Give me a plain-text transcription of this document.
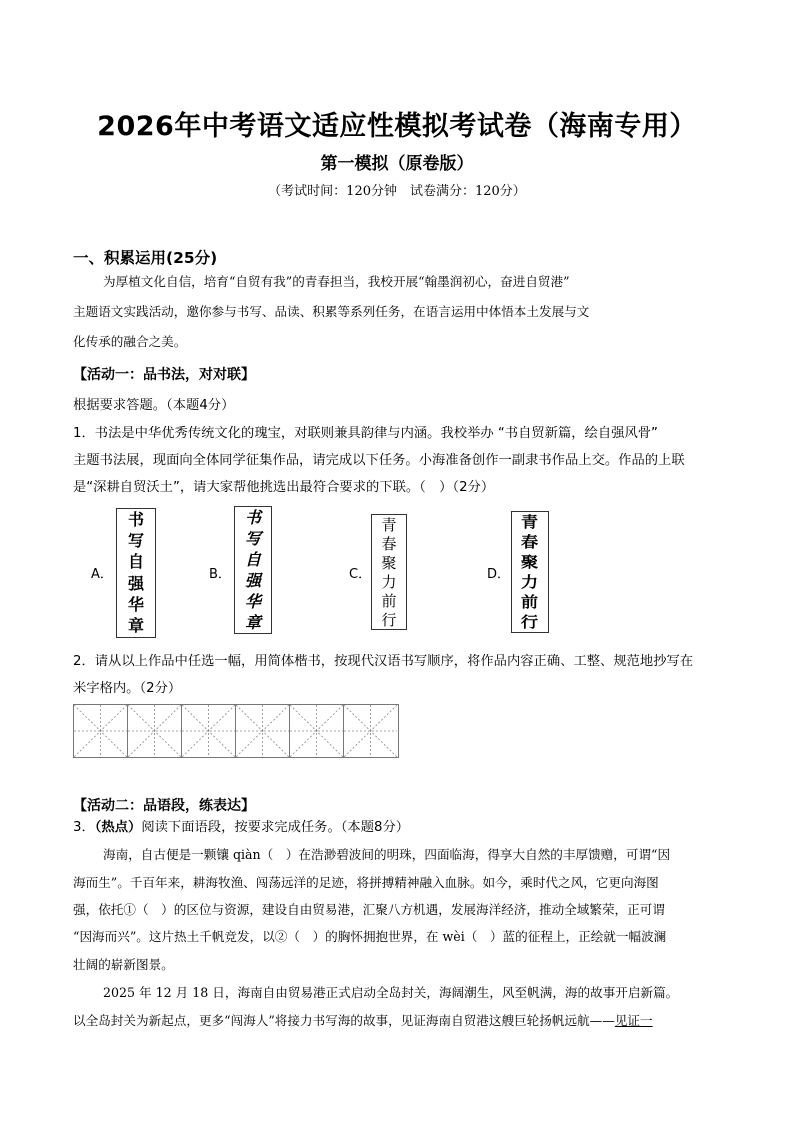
2026年中考语文适应性模拟考试卷（海南专用）
第一模拟（原卷版）
（考试时间：120分钟　试卷满分：120分）
一、积累运用(25分)
为厚植文化自信，培育“自贸有我”的青春担当，我校开展“翰墨润初心，奋进自贸港”
主题语文实践活动，邀你参与书写、品读、积累等系列任务，在语言运用中体悟本土发展与文
化传承的融合之美。
【活动一：品书法，对对联】
根据要求答题。（本题4分）
1．书法是中华优秀传统文化的瑰宝，对联则兼具韵律与内涵。我校举办 “书自贸新篇，绘自强风骨”
主题书法展，现面向全体同学征集作品，请完成以下任务。小海准备创作一副隶书作品上交。作品的上联
是“深耕自贸沃土”，请大家帮他挑选出最符合要求的下联。（　）（2分）
A．
书
写
自
强
华
章
B．
书
写
自
强
华
章
C．
青
春
聚
力
前
行
D．
青
春
聚
力
前
行
2．请从以上作品中任选一幅，用简体楷书，按现代汉语书写顺序，将作品内容正确、工整、规范地抄写在
米字格内。（2分）
【活动二：品语段，练表达】
3．（热点）阅读下面语段，按要求完成任务。（本题8分）
海南，自古便是一颗镶 qiàn（　）在浩渺碧波间的明珠，四面临海，得享大自然的丰厚馈赠，可谓“因
海而生”。千百年来，耕海牧渔、闯荡远洋的足迹，将拼搏精神融入血脉。如今，乘时代之风，它更向海图
强，依托①（　）的区位与资源，建设自由贸易港，汇聚八方机遇，发展海洋经济，推动全域繁荣，正可谓
“因海而兴”。这片热土千帆竞发，以②（　）的胸怀拥抱世界，在 wèi（　）蓝的征程上，正绘就一幅波澜
壮阔的崭新图景。
2025 年 12 月 18 日，海南自由贸易港正式启动全岛封关，海阔潮生，风至帆满，海的故事开启新篇。
以全岛封关为新起点，更多“闯海人”将接力书写海的故事，见证海南自贸港这艘巨轮扬帆远航——见证一
